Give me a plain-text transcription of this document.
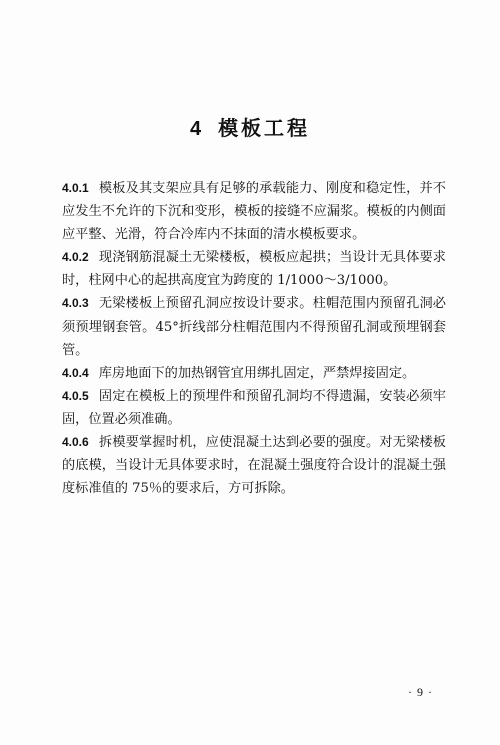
4 模板工程

4.0.1 模板及其支架应具有足够的承载能力、刚度和稳定性，并不应发生不允许的下沉和变形，模板的接缝不应漏浆。模板的内侧面应平整、光滑，符合冷库内不抹面的清水模板要求。

4.0.2 现浇钢筋混凝土无梁楼板，模板应起拱；当设计无具体要求时，柱网中心的起拱高度宜为跨度的 1/1000～3/1000。

4.0.3 无梁楼板上预留孔洞应按设计要求。柱帽范围内预留孔洞必须预埋钢套管。45°折线部分柱帽范围内不得预留孔洞或预埋钢套管。

4.0.4 库房地面下的加热钢管宜用绑扎固定，严禁焊接固定。

4.0.5 固定在模板上的预埋件和预留孔洞均不得遗漏，安装必须牢固，位置必须准确。

4.0.6 拆模要掌握时机，应使混凝土达到必要的强度。对无梁楼板的底模，当设计无具体要求时，在混凝土强度符合设计的混凝土强度标准值的 75％的要求后，方可拆除。

· 9 ·
